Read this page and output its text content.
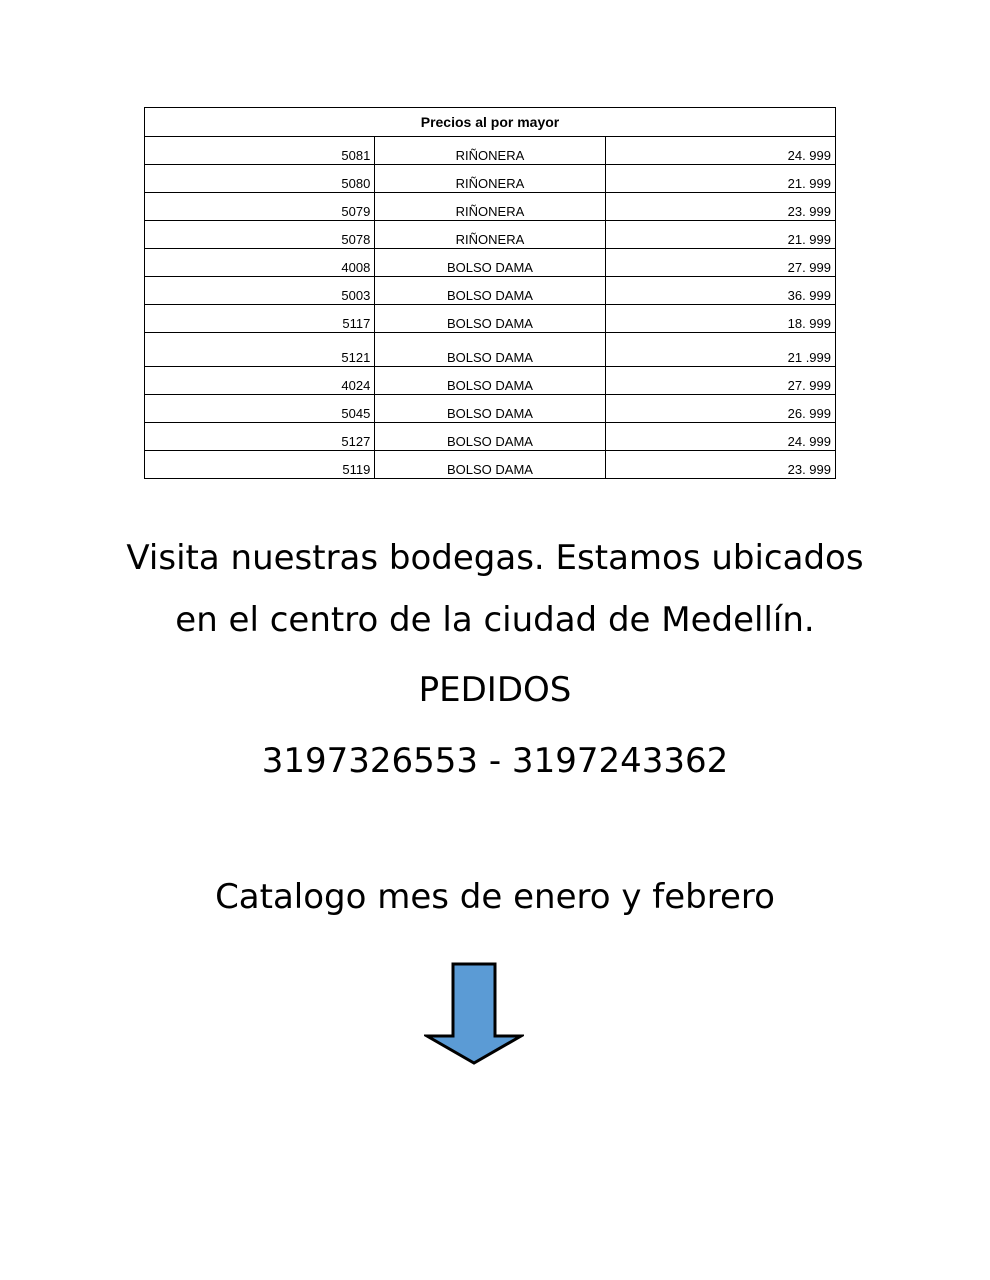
Precios al por mayor		
5081	RIÑONERA	24. 999
5080	RIÑONERA	21. 999
5079	RIÑONERA	23. 999
5078	RIÑONERA	21. 999
4008	BOLSO DAMA	27. 999
5003	BOLSO DAMA	36. 999
5117	BOLSO DAMA	18. 999
5121	BOLSO DAMA	21 .999
4024	BOLSO DAMA	27. 999
5045	BOLSO DAMA	26. 999
5127	BOLSO DAMA	24. 999
5119	BOLSO DAMA	23. 999

Visita nuestras bodegas. Estamos ubicados

en el centro de la ciudad de Medellín.

PEDIDOS

3197326553 - 3197243362

Catalogo mes de enero y febrero
